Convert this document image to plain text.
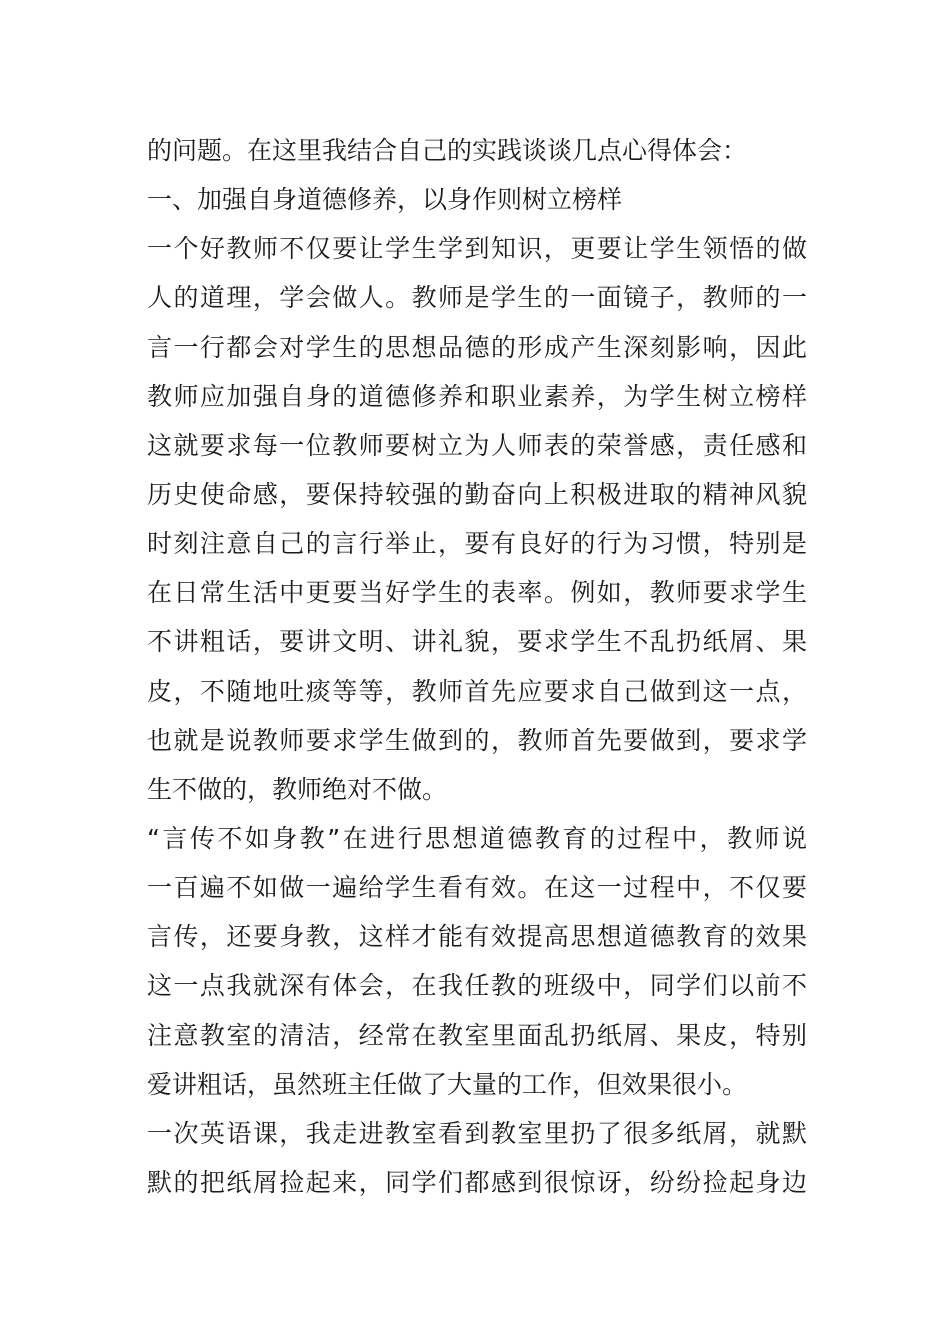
的问题。在这里我结合自己的实践谈谈几点心得体会：
一、加强自身道德修养，以身作则树立榜样
一个好教师不仅要让学生学到知识，更要让学生领悟的做
人的道理，学会做人。教师是学生的一面镜子，教师的一
言一行都会对学生的思想品德的形成产生深刻影响，因此
教师应加强自身的道德修养和职业素养，为学生树立榜样
这就要求每一位教师要树立为人师表的荣誉感，责任感和
历史使命感，要保持较强的勤奋向上积极进取的精神风貌
时刻注意自己的言行举止，要有良好的行为习惯，特别是
在日常生活中更要当好学生的表率。例如，教师要求学生
不讲粗话，要讲文明、讲礼貌，要求学生不乱扔纸屑、果
皮，不随地吐痰等等，教师首先应要求自己做到这一点，
也就是说教师要求学生做到的，教师首先要做到，要求学
生不做的，教师绝对不做。
“言传不如身教”在进行思想道德教育的过程中，教师说
一百遍不如做一遍给学生看有效。在这一过程中，不仅要
言传，还要身教，这样才能有效提高思想道德教育的效果
这一点我就深有体会，在我任教的班级中，同学们以前不
注意教室的清洁，经常在教室里面乱扔纸屑、果皮，特别
爱讲粗话，虽然班主任做了大量的工作，但效果很小。
一次英语课，我走进教室看到教室里扔了很多纸屑，就默
默的把纸屑捡起来，同学们都感到很惊讶，纷纷捡起身边
